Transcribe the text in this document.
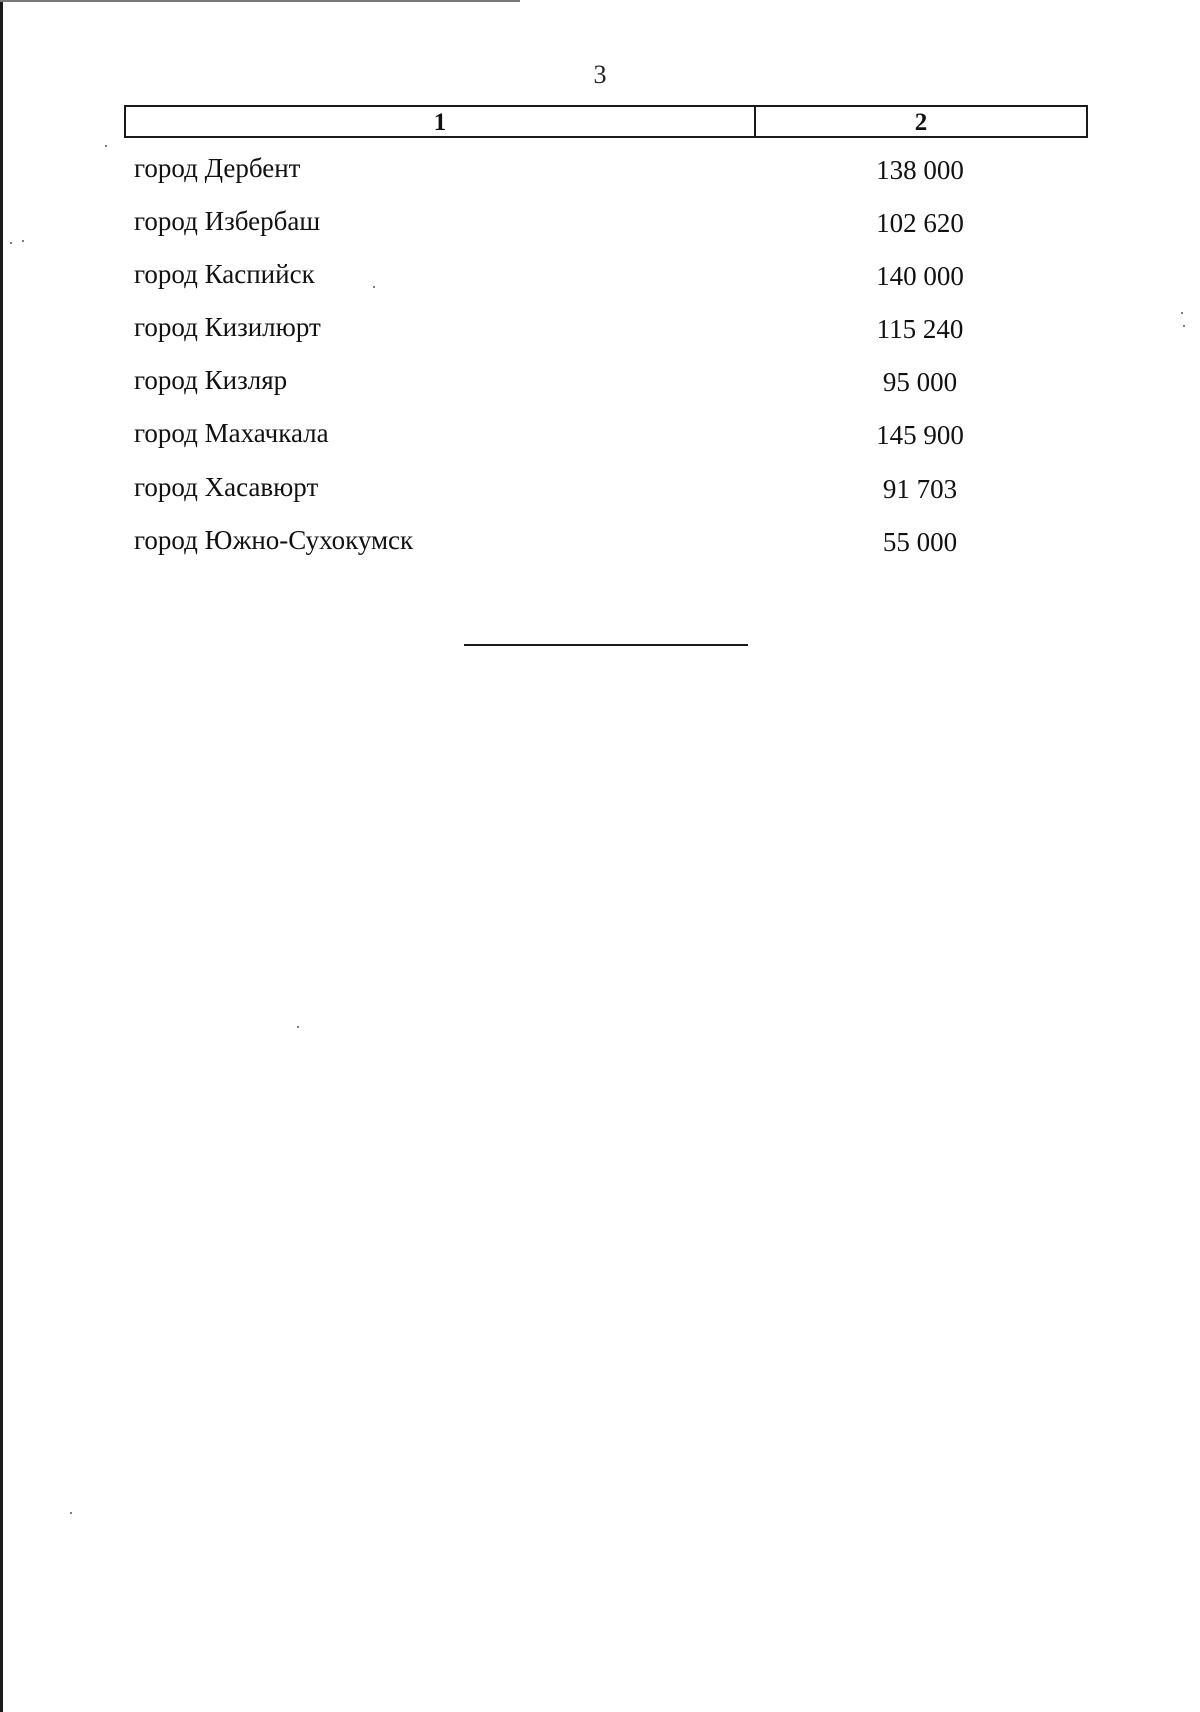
3
1	2
город Дербент	138 000
город Избербаш	102 620
город Каспийск	140 000
город Кизилюрт	115 240
город Кизляр	95 000
город Махачкала	145 900
город Хасавюрт	91 703
город Южно-Сухокумск	55 000
